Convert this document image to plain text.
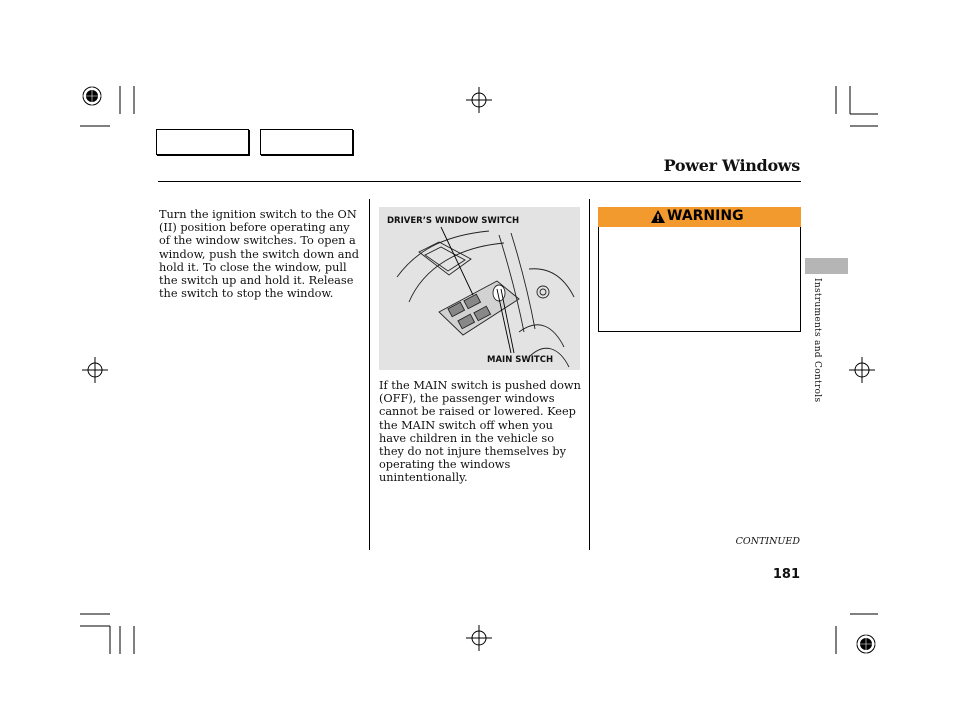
Power Windows
Turn the ignition switch to the ON (II) position before operating any of the window switches. To open a window, push the switch down and hold it. To close the window, pull the switch up and hold it. Release the switch to stop the window.
DRIVER’S WINDOW SWITCH
MAIN SWITCH
If the MAIN switch is pushed down (OFF), the passenger windows cannot be raised or lowered. Keep the MAIN switch off when you have children in the vehicle so they do not injure themselves by operating the windows unintentionally.
WARNING
Instruments and Controls
CONTINUED
181
